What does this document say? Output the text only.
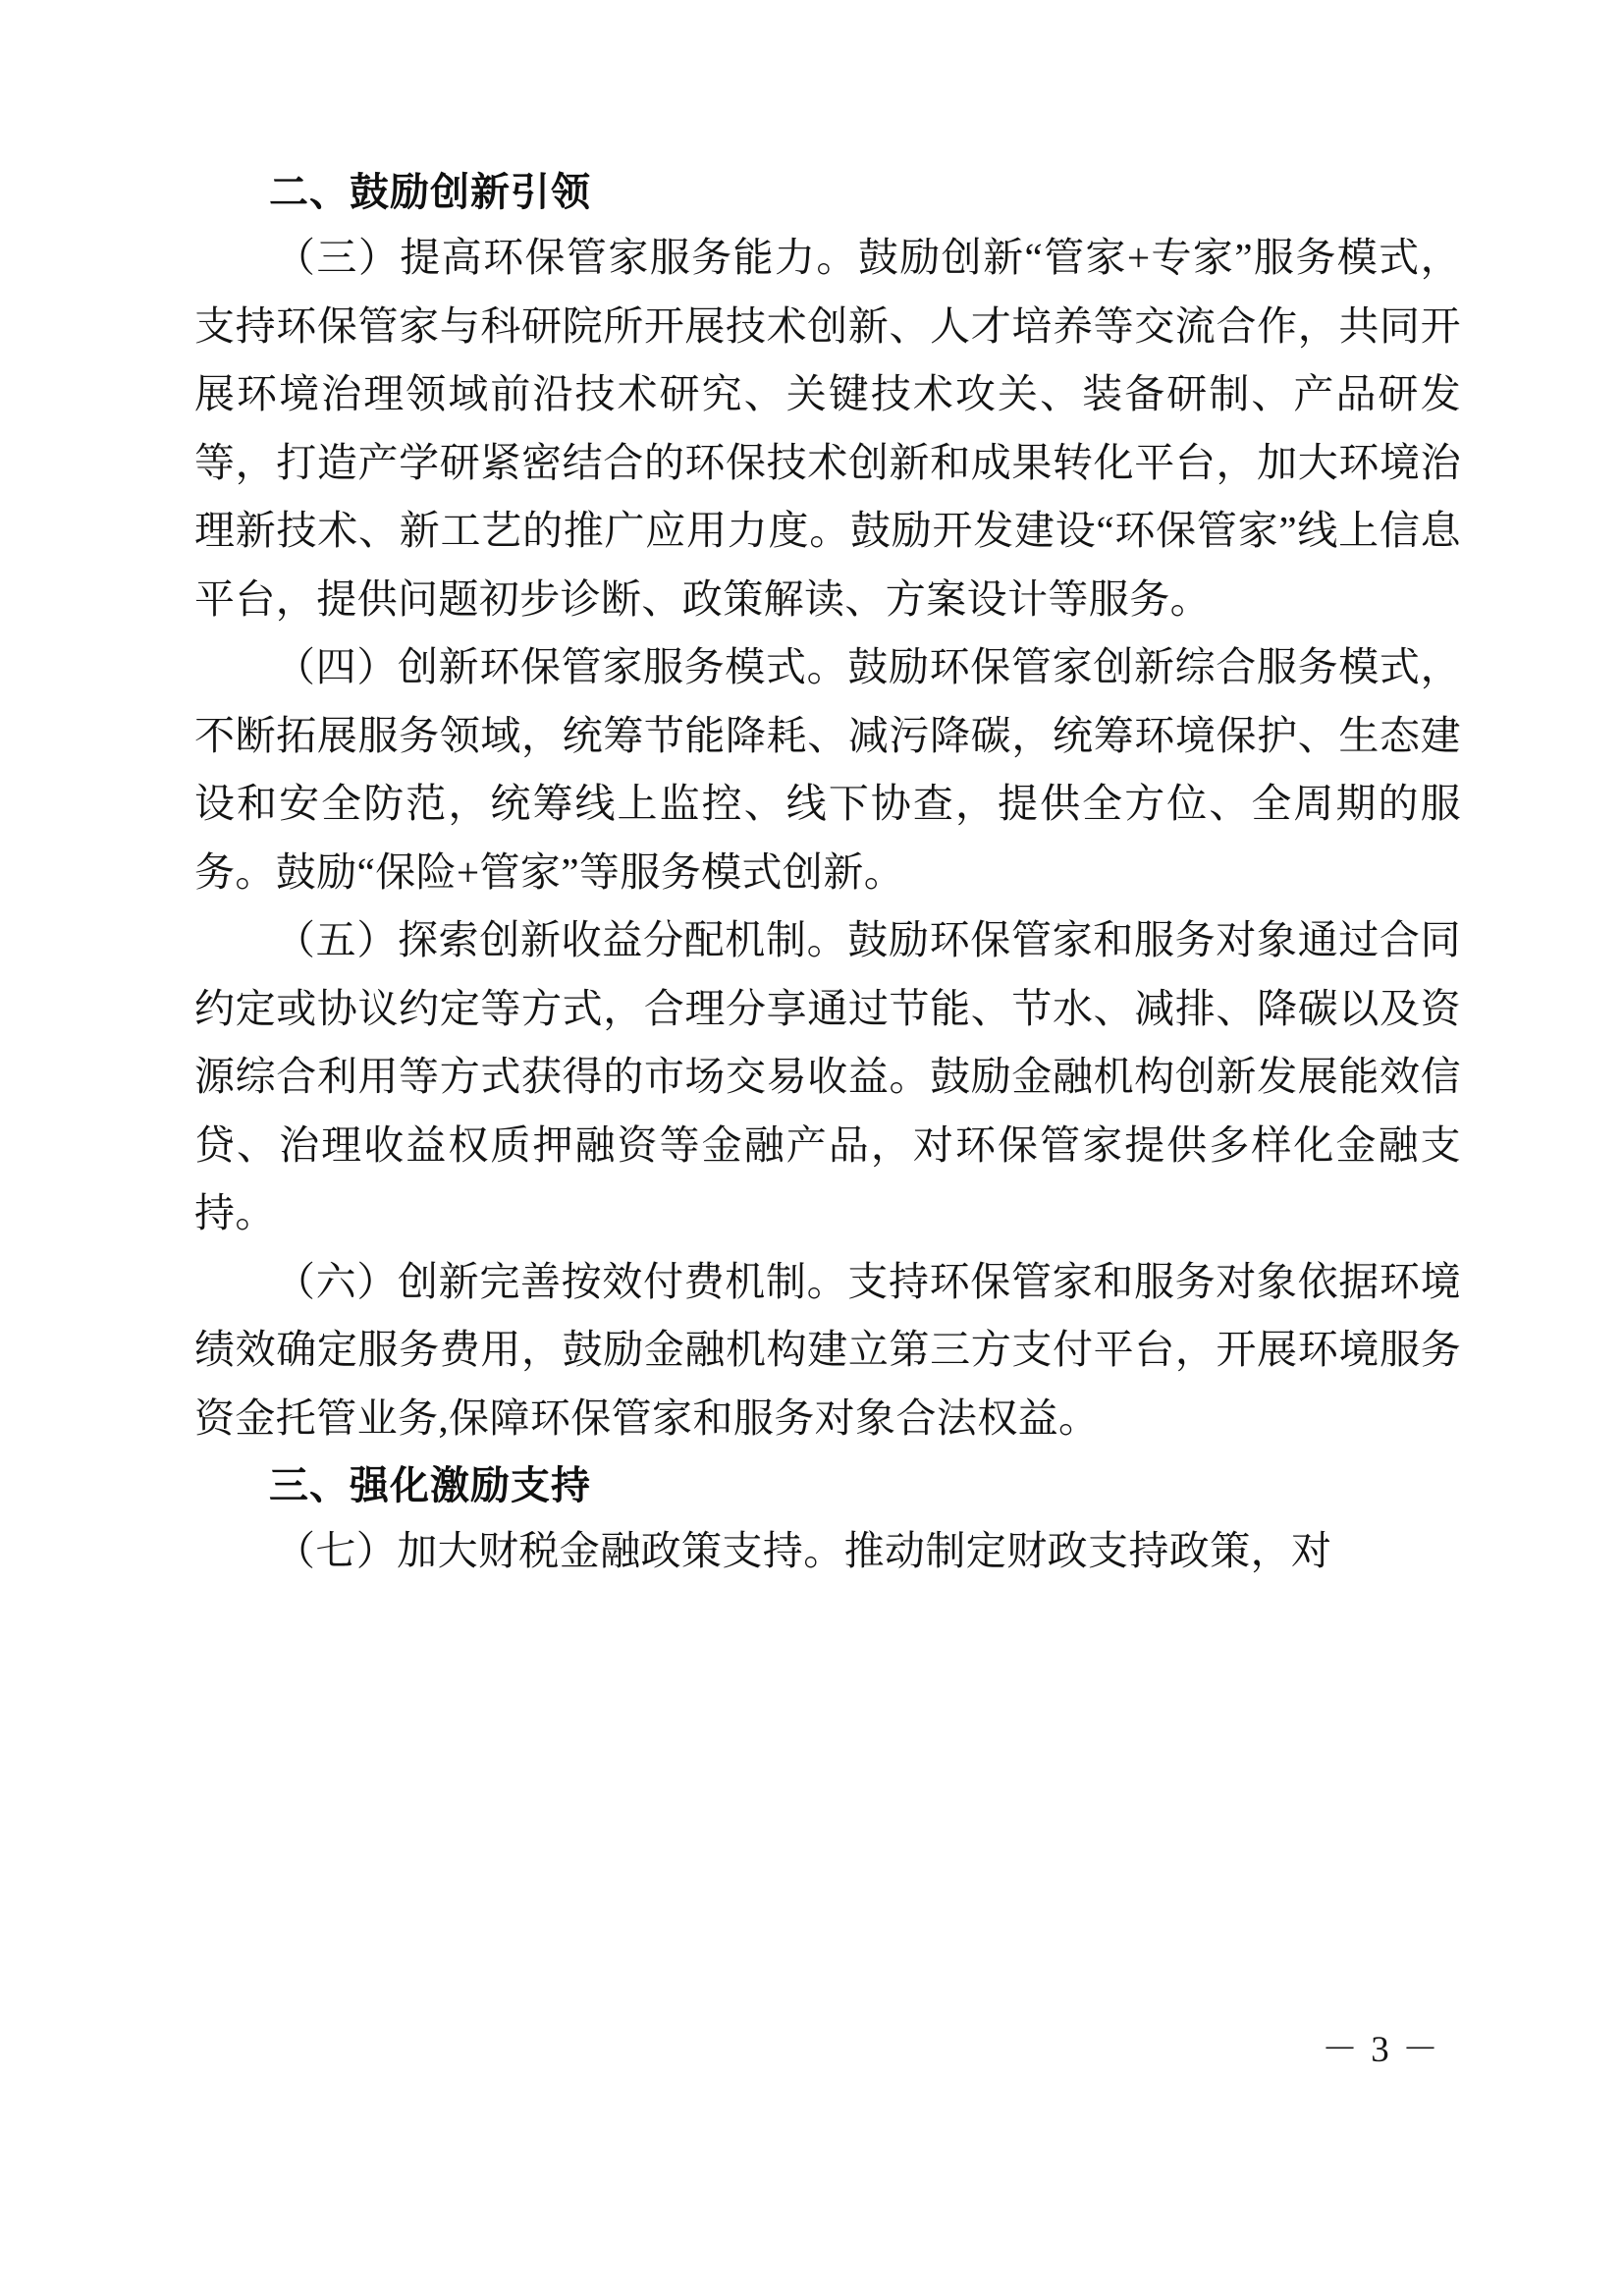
二、鼓励创新引领

（三）提高环保管家服务能力。鼓励创新“管家+专家”服务模式，支持环保管家与科研院所开展技术创新、人才培养等交流合作，共同开展环境治理领域前沿技术研究、关键技术攻关、装备研制、产品研发等，打造产学研紧密结合的环保技术创新和成果转化平台，加大环境治理新技术、新工艺的推广应用力度。鼓励开发建设“环保管家”线上信息平台，提供问题初步诊断、政策解读、方案设计等服务。

（四）创新环保管家服务模式。鼓励环保管家创新综合服务模式，不断拓展服务领域，统筹节能降耗、减污降碳，统筹环境保护、生态建设和安全防范，统筹线上监控、线下协查，提供全方位、全周期的服务。鼓励“保险+管家”等服务模式创新。

（五）探索创新收益分配机制。鼓励环保管家和服务对象通过合同约定或协议约定等方式，合理分享通过节能、节水、减排、降碳以及资源综合利用等方式获得的市场交易收益。鼓励金融机构创新发展能效信贷、治理收益权质押融资等金融产品，对环保管家提供多样化金融支持。

（六）创新完善按效付费机制。支持环保管家和服务对象依据环境绩效确定服务费用，鼓励金融机构建立第三方支付平台，开展环境服务资金托管业务,保障环保管家和服务对象合法权益。

三、强化激励支持

（七）加大财税金融政策支持。推动制定财政支持政策，对

－ 3 －
